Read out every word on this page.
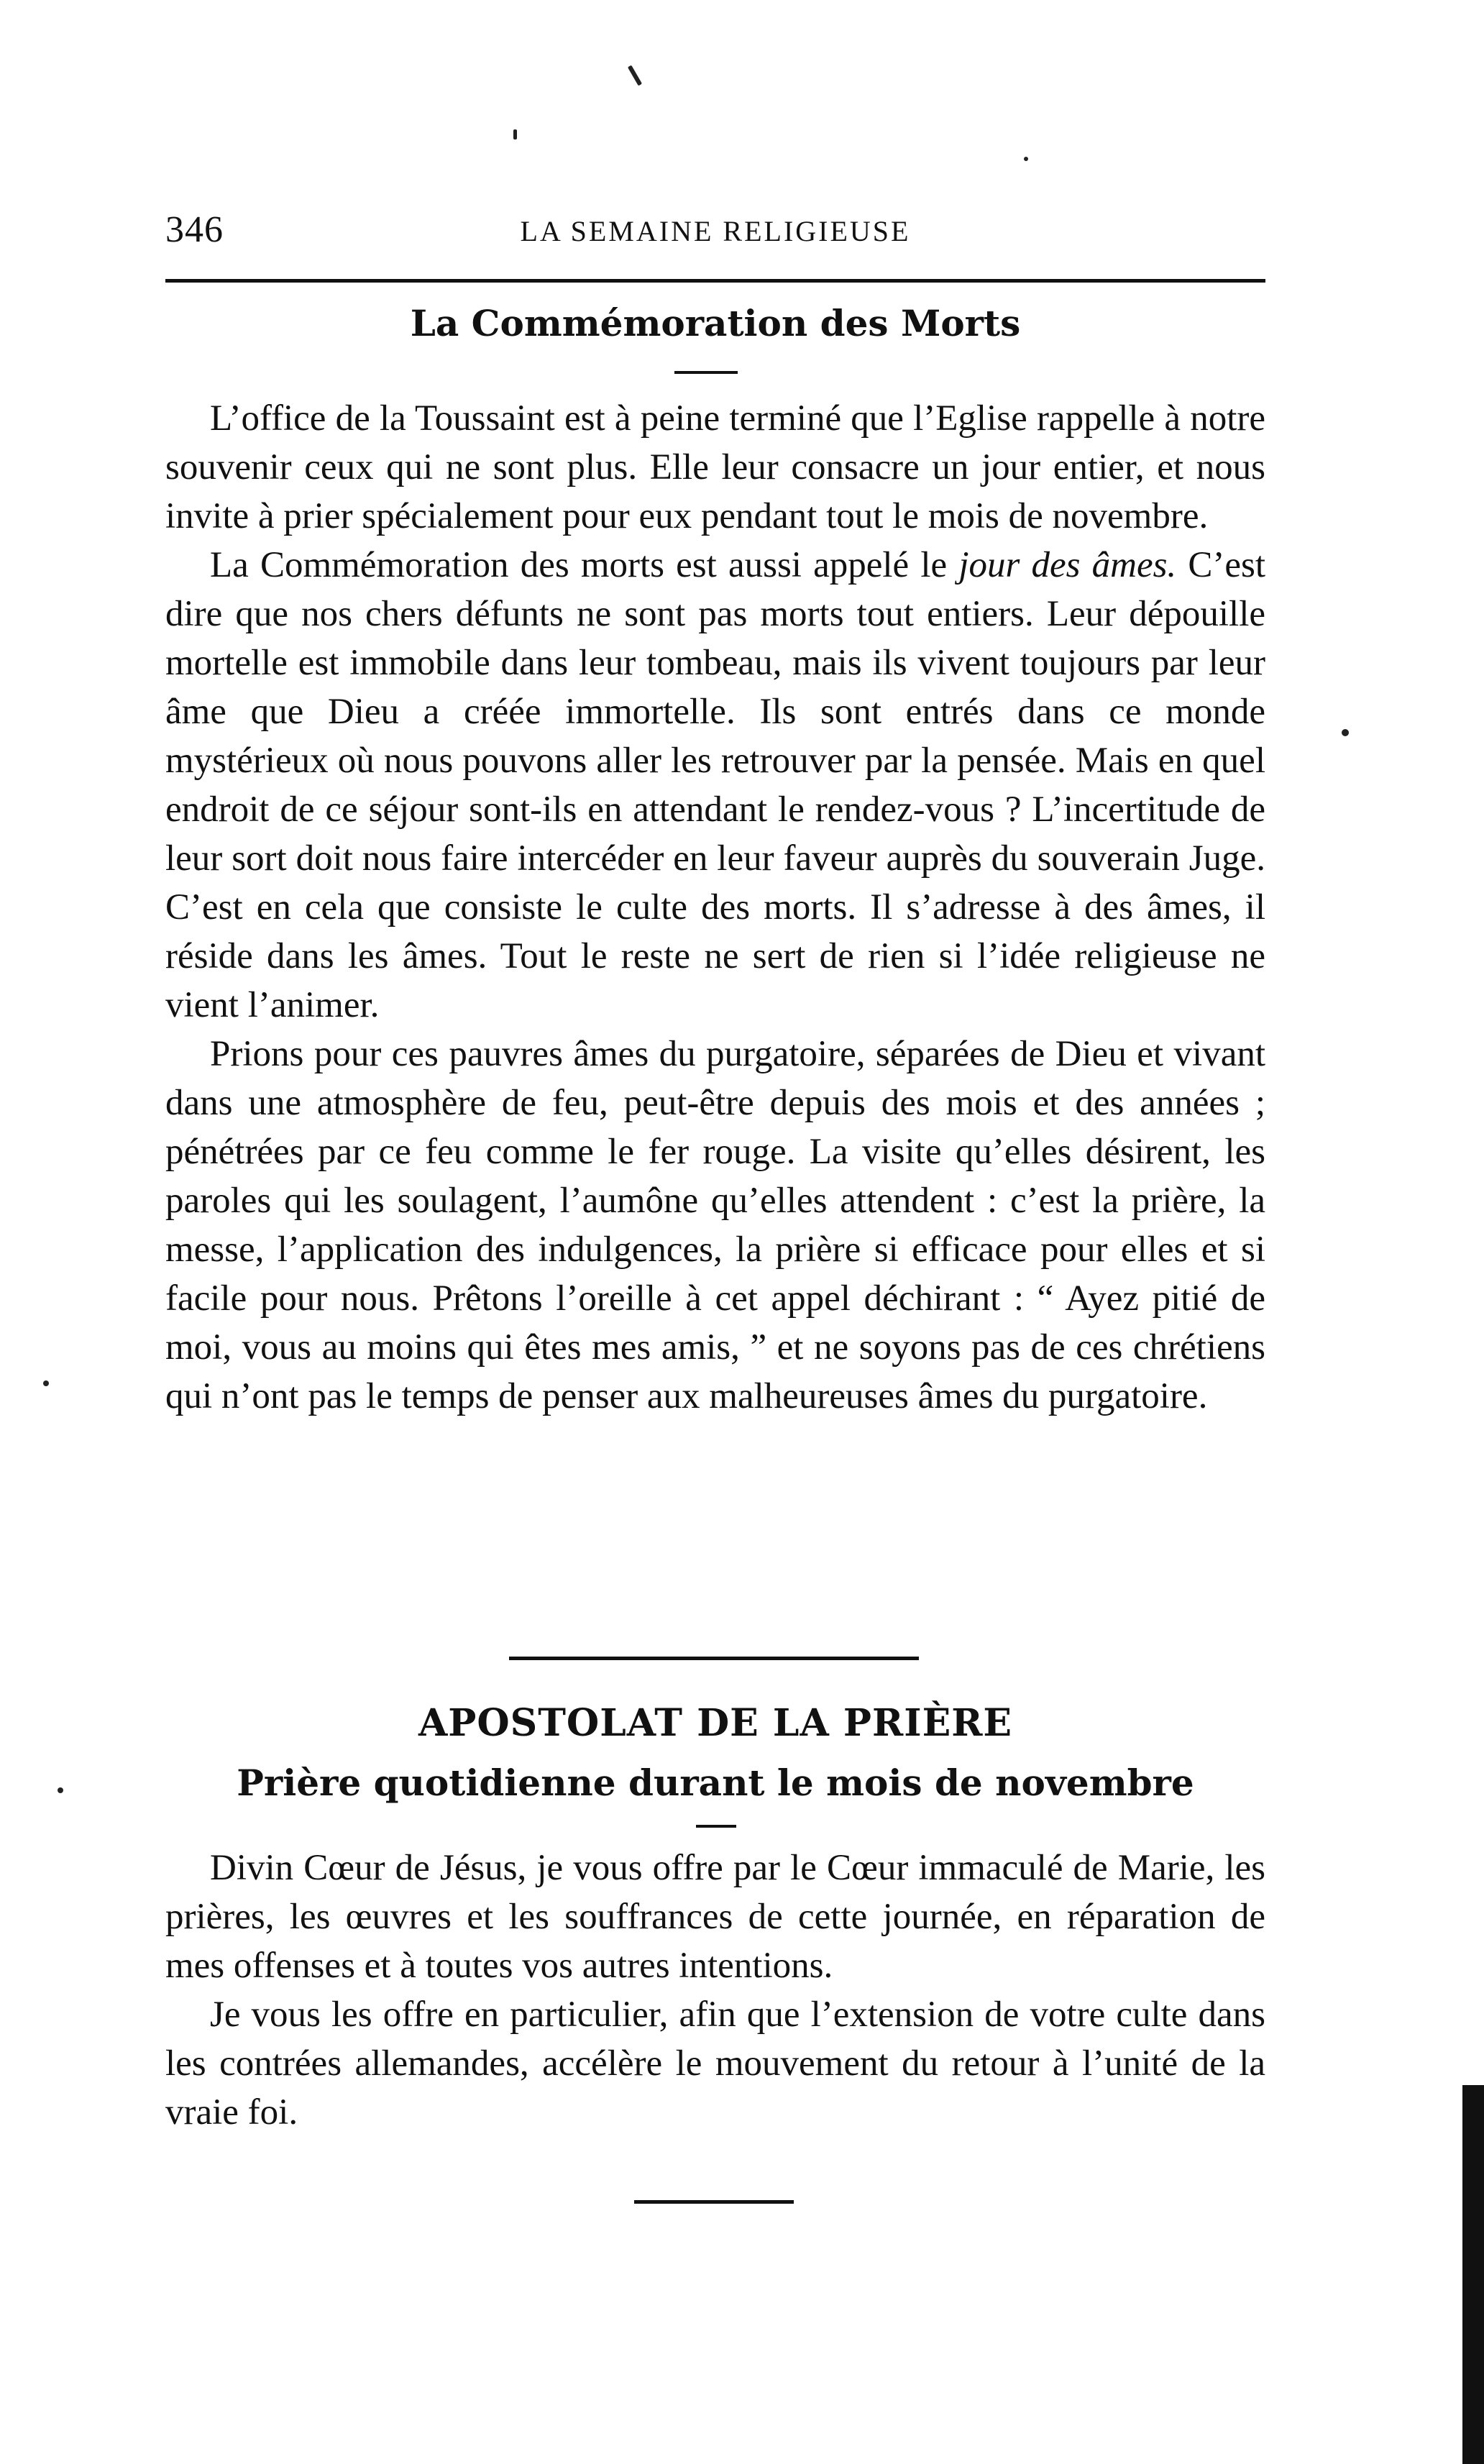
346	LA SEMAINE RELIGIEUSE
La Commémoration des Morts

L’office de la Toussaint est à peine terminé que l’Eglise rappelle à notre souvenir ceux qui ne sont plus. Elle leur consacre un jour entier, et nous invite à prier spécialement pour eux pendant tout le mois de novembre.

La Commémoration des morts est aussi appelé le jour des âmes. C’est dire que nos chers défunts ne sont pas morts tout entiers. Leur dépouille mortelle est immobile dans leur tombeau, mais ils vivent toujours par leur âme que Dieu a créée immortelle. Ils sont entrés dans ce monde mystérieux où nous pouvons aller les retrouver par la pensée. Mais en quel endroit de ce séjour sont-ils en attendant le rendez-vous ? L’incertitude de leur sort doit nous faire intercéder en leur faveur auprès du souverain Juge. C’est en cela que consiste le culte des morts. Il s’adresse à des âmes, il réside dans les âmes. Tout le reste ne sert de rien si l’idée religieuse ne vient l’animer.

Prions pour ces pauvres âmes du purgatoire, séparées de Dieu et vivant dans une atmosphère de feu, peut-être depuis des mois et des années ; pénétrées par ce feu comme le fer rouge. La visite qu’elles désirent, les paroles qui les soulagent, l’aumône qu’elles attendent : c’est la prière, la messe, l’application des indulgences, la prière si efficace pour elles et si facile pour nous. Prêtons l’oreille à cet appel déchirant : “ Ayez pitié de moi, vous au moins qui êtes mes amis, ” et ne soyons pas de ces chrétiens qui n’ont pas le temps de penser aux malheureuses âmes du purgatoire.

APOSTOLAT DE LA PRIÈRE
Prière quotidienne durant le mois de novembre

Divin Cœur de Jésus, je vous offre par le Cœur immaculé de Marie, les prières, les œuvres et les souffrances de cette journée, en réparation de mes offenses et à toutes vos autres intentions.

Je vous les offre en particulier, afin que l’extension de votre culte dans les contrées allemandes, accélère le mouvement du retour à l’unité de la vraie foi.
